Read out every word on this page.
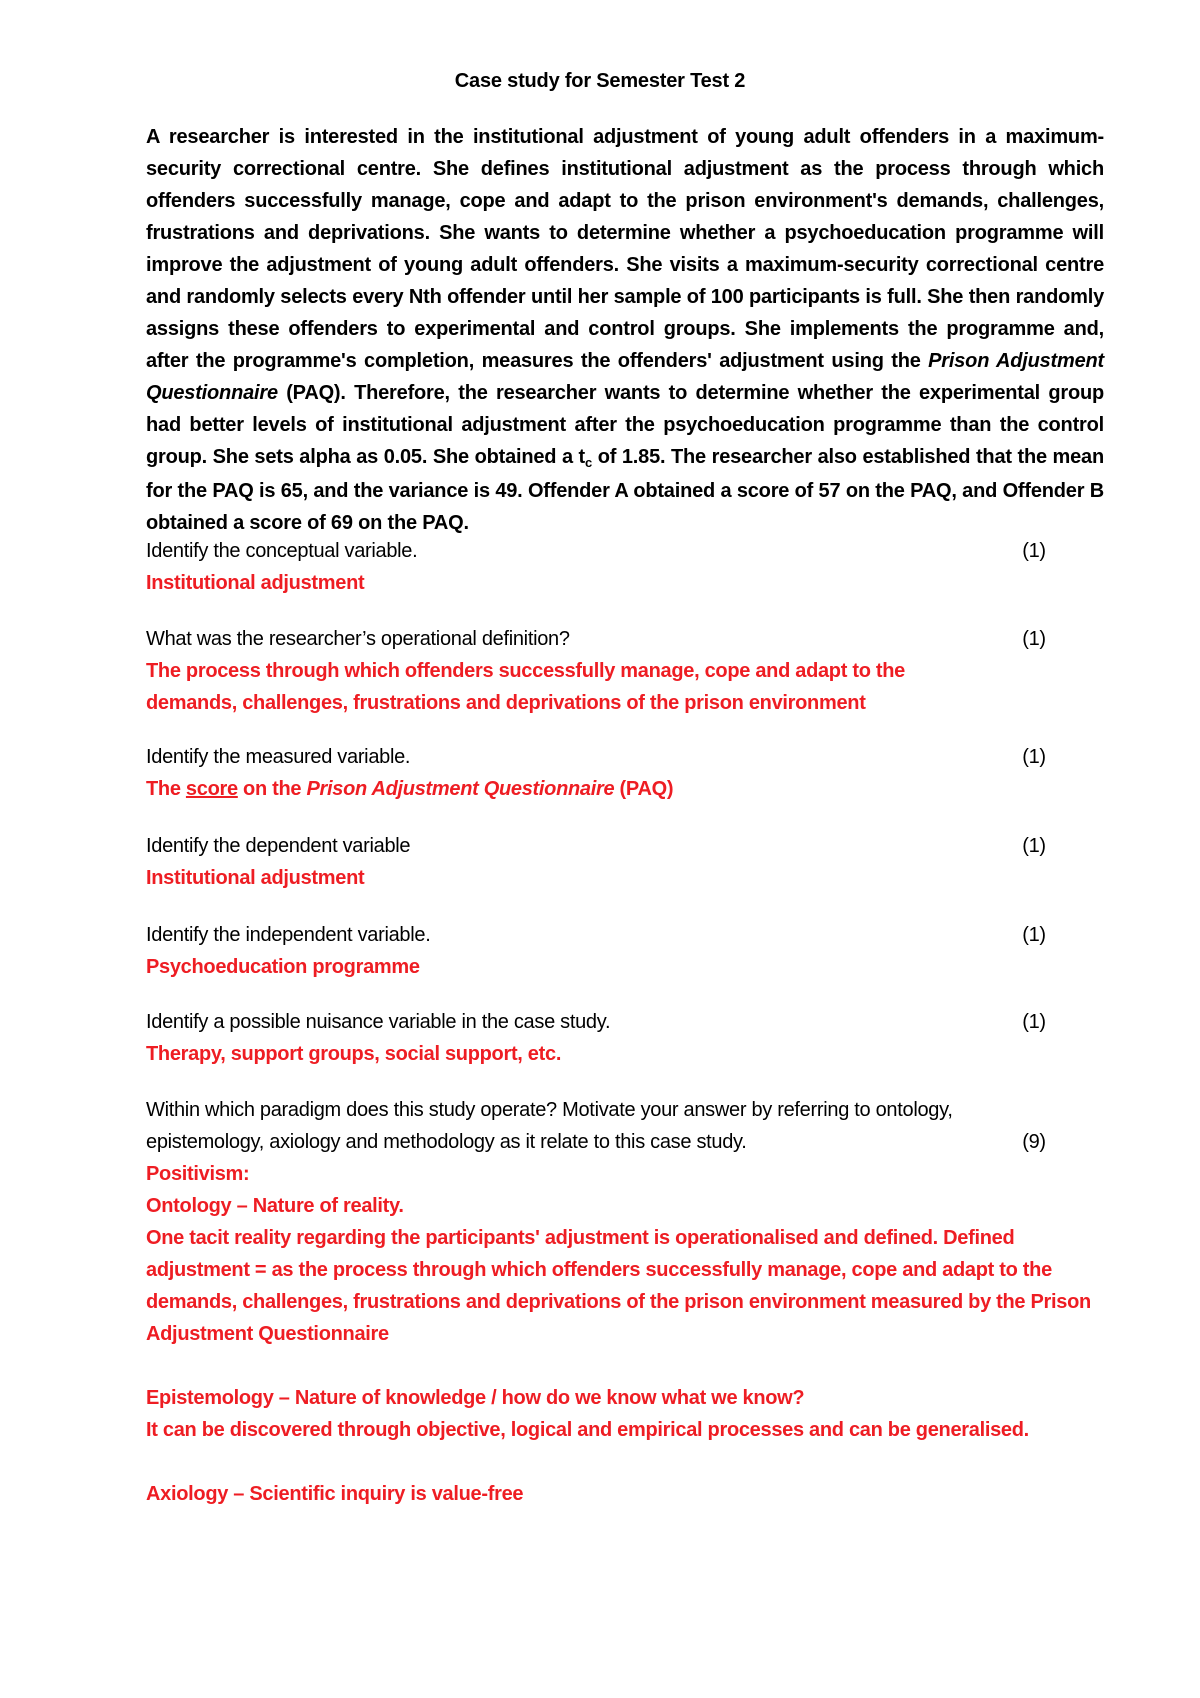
Case study for Semester Test 2
A researcher is interested in the institutional adjustment of young adult offenders in a maximum-security correctional centre. She defines institutional adjustment as the process through which offenders successfully manage, cope and adapt to the prison environment's demands, challenges, frustrations and deprivations. She wants to determine whether a psychoeducation programme will improve the adjustment of young adult offenders. She visits a maximum-security correctional centre and randomly selects every Nth offender until her sample of 100 participants is full. She then randomly assigns these offenders to experimental and control groups. She implements the programme and, after the programme's completion, measures the offenders' adjustment using the Prison Adjustment Questionnaire (PAQ). Therefore, the researcher wants to determine whether the experimental group had better levels of institutional adjustment after the psychoeducation programme than the control group. She sets alpha as 0.05. She obtained a $t_c$ of 1.85. The researcher also established that the mean for the PAQ is 65, and the variance is 49. Offender A obtained a score of 57 on the PAQ, and Offender B obtained a score of 69 on the PAQ.
Identify the conceptual variable.	(1)
Institutional adjustment
What was the researcher’s operational definition?	(1)
The process through which offenders successfully manage, cope and adapt to the
demands, challenges, frustrations and deprivations of the prison environment
Identify the measured variable.	(1)
The score on the Prison Adjustment Questionnaire (PAQ)
Identify the dependent variable	(1)
Institutional adjustment
Identify the independent variable.	(1)
Psychoeducation programme
Identify a possible nuisance variable in the case study.	(1)
Therapy, support groups, social support, etc.
Within which paradigm does this study operate? Motivate your answer by referring to ontology,
epistemology, axiology and methodology as it relate to this case study.	(9)
Positivism:
Ontology – Nature of reality.
One tacit reality regarding the participants' adjustment is operationalised and defined. Defined adjustment = as the process through which offenders successfully manage, cope and adapt to the demands, challenges, frustrations and deprivations of the prison environment measured by the Prison Adjustment Questionnaire
Epistemology – Nature of knowledge / how do we know what we know?
It can be discovered through objective, logical and empirical processes and can be generalised.
Axiology – Scientific inquiry is value-free
